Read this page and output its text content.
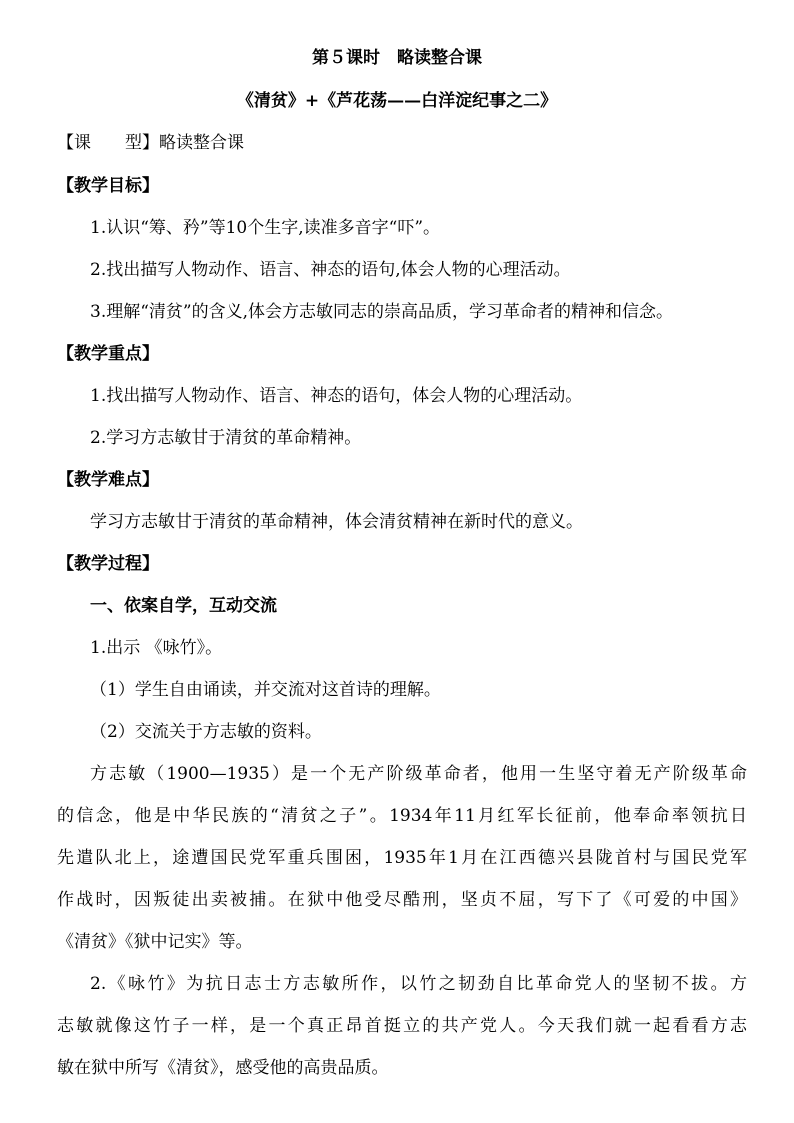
第５课时　略读整合课
《清贫》+《芦花荡——白洋淀纪事之二》
【课　　型】略读整合课
【教学目标】
1.认识“筹、矜”等10个生字,读准多音字“吓”。
2.找出描写人物动作、语言、神态的语句,体会人物的心理活动。
3.理解“清贫”的含义,体会方志敏同志的崇高品质，学习革命者的精神和信念。
【教学重点】
1.找出描写人物动作、语言、神态的语句，体会人物的心理活动。
2.学习方志敏甘于清贫的革命精神。
【教学难点】
学习方志敏甘于清贫的革命精神，体会清贫精神在新时代的意义。
【教学过程】
一、依案自学，互动交流
1.出示 《咏竹》。
（1）学生自由诵读，并交流对这首诗的理解。
（2）交流关于方志敏的资料。
方志敏（1900—1935）是一个无产阶级革命者，他用一生坚守着无产阶级革命
的信念，他是中华民族的“清贫之子”。1934年11月红军长征前，他奉命率领抗日
先遣队北上，途遭国民党军重兵围困，1935年1月在江西德兴县陇首村与国民党军
作战时，因叛徒出卖被捕。在狱中他受尽酷刑，坚贞不屈，写下了《可爱的中国》
《清贫》《狱中记实》等。
2.《咏竹》为抗日志士方志敏所作，以竹之韧劲自比革命党人的坚韧不拔。方
志敏就像这竹子一样，是一个真正昂首挺立的共产党人。今天我们就一起看看方志
敏在狱中所写《清贫》，感受他的高贵品质。
